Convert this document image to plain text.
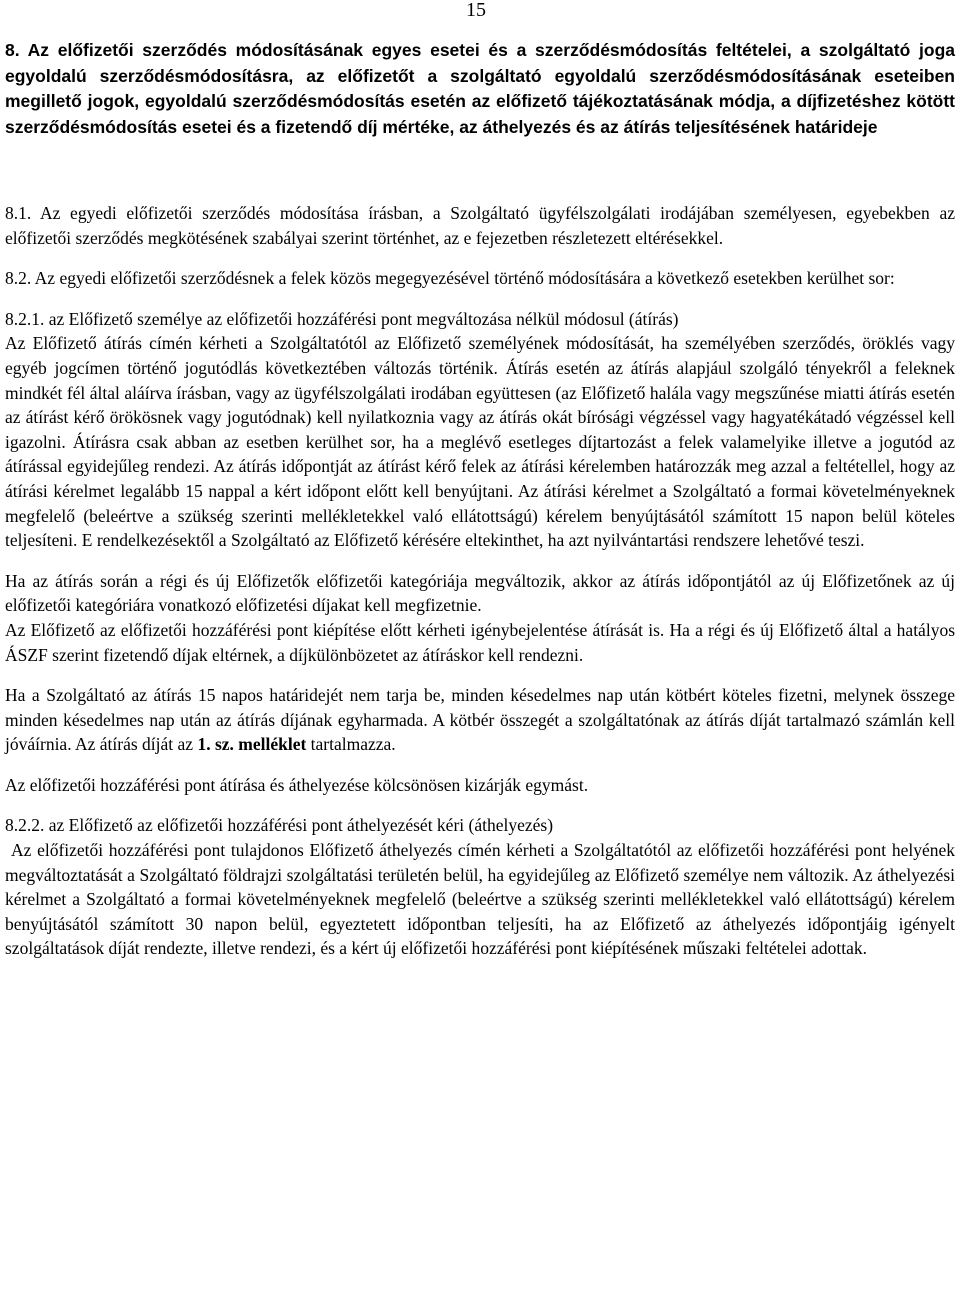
15
8. Az előfizetői szerződés módosításának egyes esetei és a szerződésmódosítás feltételei, a szolgáltató joga egyoldalú szerződésmódosításra, az előfizetőt a szolgáltató egyoldalú szerződésmódosításának eseteiben megillető jogok, egyoldalú szerződésmódosítás esetén az előfizető tájékoztatásának módja, a díjfizetéshez kötött szerződésmódosítás esetei és a fizetendő díj mértéke, az áthelyezés és az átírás teljesítésének határideje

8.1. Az egyedi előfizetői szerződés módosítása írásban, a Szolgáltató ügyfélszolgálati irodájában személyesen, egyebekben az előfizetői szerződés megkötésének szabályai szerint történhet, az e fejezetben részletezett eltérésekkel.

8.2. Az egyedi előfizetői szerződésnek a felek közös megegyezésével történő módosítására a következő esetekben kerülhet sor:

8.2.1. az Előfizető személye az előfizetői hozzáférési pont megváltozása nélkül módosul (átírás)

Az Előfizető átírás címén kérheti a Szolgáltatótól az Előfizető személyének módosítását, ha személyében szerződés, öröklés vagy egyéb jogcímen történő jogutódlás következtében változás történik. Átírás esetén az átírás alapjául szolgáló tényekről a feleknek mindkét fél által aláírva írásban, vagy az ügyfélszolgálati irodában együttesen (az Előfizető halála vagy megszűnése miatti átírás esetén az átírást kérő örökösnek vagy jogutódnak) kell nyilatkoznia vagy az átírás okát bírósági végzéssel vagy hagyatékátadó végzéssel kell igazolni. Átírásra csak abban az esetben kerülhet sor, ha a meglévő esetleges díjtartozást a felek valamelyike illetve a jogutód az átírással egyidejűleg rendezi. Az átírás időpontját az átírást kérő felek az átírási kérelemben határozzák meg azzal a feltétellel, hogy az átírási kérelmet legalább 15 nappal a kért időpont előtt kell benyújtani. Az átírási kérelmet a Szolgáltató a formai követelményeknek megfelelő (beleértve a szükség szerinti mellékletekkel való ellátottságú) kérelem benyújtásától számított 15 napon belül köteles teljesíteni. E rendelkezésektől a Szolgáltató az Előfizető kérésére eltekinthet, ha azt nyilvántartási rendszere lehetővé teszi.

Ha az átírás során a régi és új Előfizetők előfizetői kategóriája megváltozik, akkor az átírás időpontjától az új Előfizetőnek az új előfizetői kategóriára vonatkozó előfizetési díjakat kell megfizetnie.

Az Előfizető az előfizetői hozzáférési pont kiépítése előtt kérheti igénybejelentése átírását is. Ha a régi és új Előfizető által a hatályos ÁSZF szerint fizetendő díjak eltérnek, a díjkülönbözetet az átíráskor kell rendezni.

Ha a Szolgáltató az átírás 15 napos határidejét nem tarja be, minden késedelmes nap után kötbért köteles fizetni, melynek összege minden késedelmes nap után az átírás díjának egyharmada. A kötbér összegét a szolgáltatónak az átírás díját tartalmazó számlán kell jóváírnia. Az átírás díját az 1. sz. melléklet tartalmazza.

Az előfizetői hozzáférési pont átírása és áthelyezése kölcsönösen kizárják egymást.

8.2.2. az Előfizető az előfizetői hozzáférési pont áthelyezését kéri (áthelyezés)

Az előfizetői hozzáférési pont tulajdonos Előfizető áthelyezés címén kérheti a Szolgáltatótól az előfizetői hozzáférési pont helyének megváltoztatását a Szolgáltató földrajzi szolgáltatási területén belül, ha egyidejűleg az Előfizető személye nem változik. Az áthelyezési kérelmet a Szolgáltató a formai követelményeknek megfelelő (beleértve a szükség szerinti mellékletekkel való ellátottságú) kérelem benyújtásától számított 30 napon belül, egyeztetett időpontban teljesíti, ha az Előfizető az áthelyezés időpontjáig igényelt szolgáltatások díját rendezte, illetve rendezi, és a kért új előfizetői hozzáférési pont kiépítésének műszaki feltételei adottak.
